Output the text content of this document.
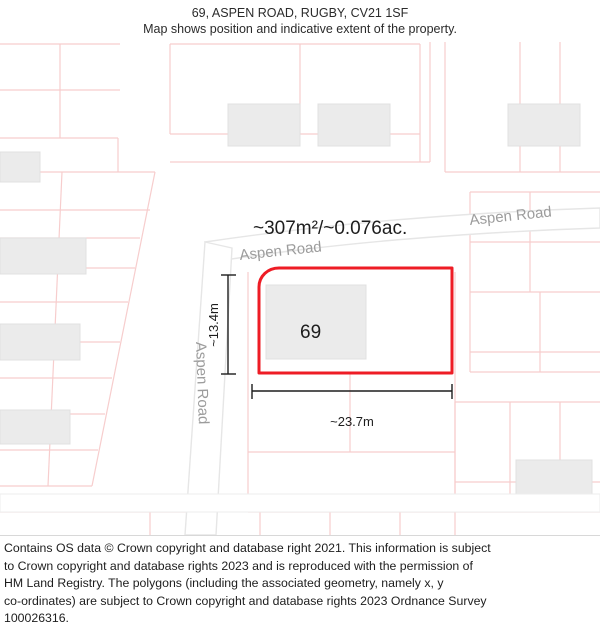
69, ASPEN ROAD, RUGBY, CV21 1SF
Map shows position and indicative extent of the property.
Aspen Road
Aspen Road
Aspen Road
69
~307m²/~0.076ac.
~13.4m
~23.7m

Contains OS data © Crown copyright and database right 2021. This information is subject

to Crown copyright and database rights 2023 and is reproduced with the permission of

HM Land Registry. The polygons (including the associated geometry, namely x, y

co-ordinates) are subject to Crown copyright and database rights 2023 Ordnance Survey

100026316.
